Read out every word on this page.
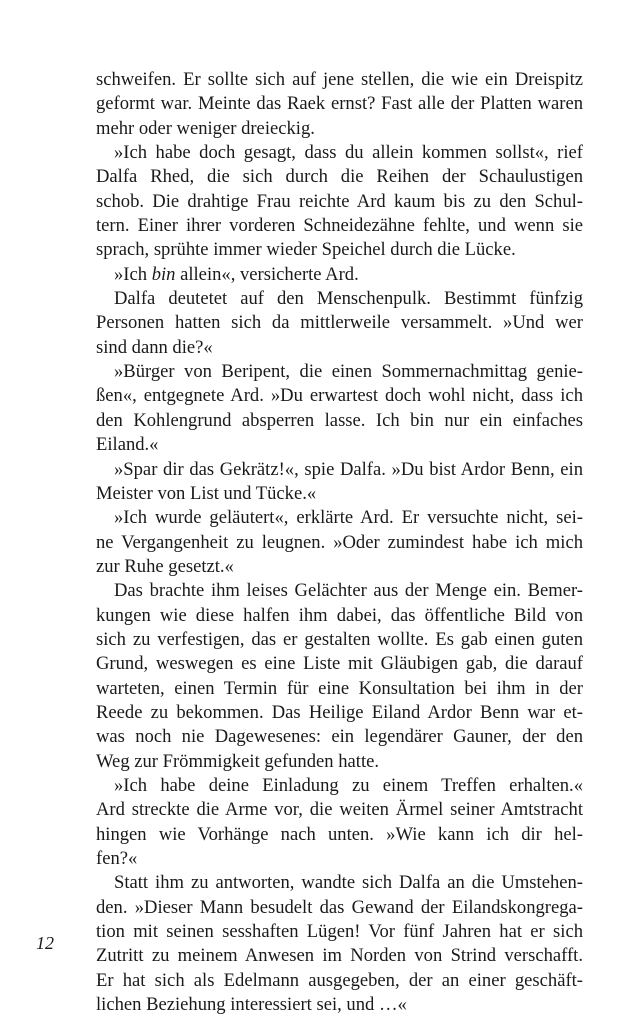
schweifen. Er sollte sich auf jene stellen, die wie ein Dreispitz
geformt war. Meinte das Raek ernst? Fast alle der Platten waren
mehr oder weniger dreieckig.
»Ich habe doch gesagt, dass du allein kommen sollst«, rief
Dalfa Rhed, die sich durch die Reihen der Schaulustigen
schob. Die drahtige Frau reichte Ard kaum bis zu den Schul-
tern. Einer ihrer vorderen Schneidezähne fehlte, und wenn sie
sprach, sprühte immer wieder Speichel durch die Lücke.
»Ich bin allein«, versicherte Ard.
Dalfa deutetet auf den Menschenpulk. Bestimmt fünfzig
Personen hatten sich da mittlerweile versammelt. »Und wer
sind dann die?«
»Bürger von Beripent, die einen Sommernachmittag genie-
ßen«, entgegnete Ard. »Du erwartest doch wohl nicht, dass ich
den Kohlengrund absperren lasse. Ich bin nur ein einfaches
Eiland.«
»Spar dir das Gekrätz!«, spie Dalfa. »Du bist Ardor Benn, ein
Meister von List und Tücke.«
»Ich wurde geläutert«, erklärte Ard. Er versuchte nicht, sei-
ne Vergangenheit zu leugnen. »Oder zumindest habe ich mich
zur Ruhe gesetzt.«
Das brachte ihm leises Gelächter aus der Menge ein. Bemer-
kungen wie diese halfen ihm dabei, das öffentliche Bild von
sich zu verfestigen, das er gestalten wollte. Es gab einen guten
Grund, weswegen es eine Liste mit Gläubigen gab, die darauf
warteten, einen Termin für eine Konsultation bei ihm in der
Reede zu bekommen. Das Heilige Eiland Ardor Benn war et-
was noch nie Dagewesenes: ein legendärer Gauner, der den
Weg zur Frömmigkeit gefunden hatte.
»Ich habe deine Einladung zu einem Treffen erhalten.«
Ard streckte die Arme vor, die weiten Ärmel seiner Amtstracht
hingen wie Vorhänge nach unten. »Wie kann ich dir hel-
fen?«
Statt ihm zu antworten, wandte sich Dalfa an die Umstehen-
den. »Dieser Mann besudelt das Gewand der Eilandskongrega-
tion mit seinen sesshaften Lügen! Vor fünf Jahren hat er sich
Zutritt zu meinem Anwesen im Norden von Strind verschafft.
Er hat sich als Edelmann ausgegeben, der an einer geschäft-
lichen Beziehung interessiert sei, und …«
12
